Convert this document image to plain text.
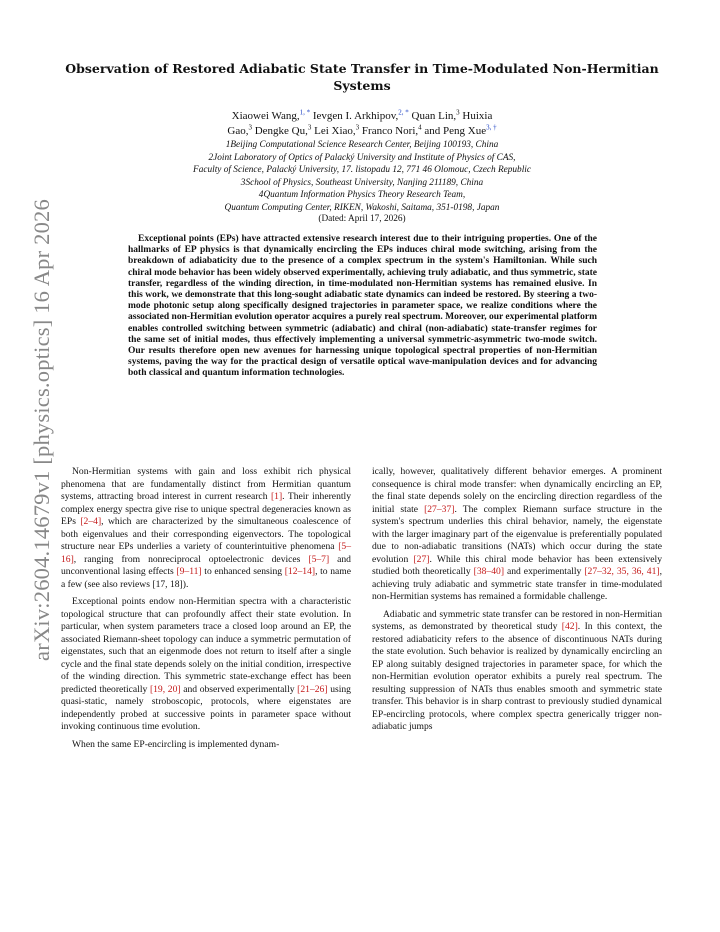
arXiv:2604.14679v1 [physics.optics] 16 Apr 2026
Observation of Restored Adiabatic State Transfer in Time-Modulated Non-Hermitian Systems
Xiaowei Wang,$^{1, *}$ Ievgen I. Arkhipov,$^{2, *}$ Quan Lin,$^3$ Huixia
Gao,$^3$ Dengke Qu,$^3$ Lei Xiao,$^3$ Franco Nori,$^4$ and Peng Xue$^{3, \dagger}$
1Beijing Computational Science Research Center, Beijing 100193, China
2Joint Laboratory of Optics of Palacký University and Institute of Physics of CAS,
Faculty of Science, Palacký University, 17. listopadu 12, 771 46 Olomouc, Czech Republic
3School of Physics, Southeast University, Nanjing 211189, China
4Quantum Information Physics Theory Research Team,
Quantum Computing Center, RIKEN, Wakoshi, Saitama, 351-0198, Japan
(Dated: April 17, 2026)
Exceptional points (EPs) have attracted extensive research interest due to their intriguing properties. One of the hallmarks of EP physics is that dynamically encircling the EPs induces chiral mode switching, arising from the breakdown of adiabaticity due to the presence of a complex spectrum in the system's Hamiltonian. While such chiral mode behavior has been widely observed experimentally, achieving truly adiabatic, and thus symmetric, state transfer, regardless of the winding direction, in time-modulated non-Hermitian systems has remained elusive. In this work, we demonstrate that this long-sought adiabatic state dynamics can indeed be restored. By steering a two-mode photonic setup along specifically designed trajectories in parameter space, we realize conditions where the associated non-Hermitian evolution operator acquires a purely real spectrum. Moreover, our experimental platform enables controlled switching between symmetric (adiabatic) and chiral (non-adiabatic) state-transfer regimes for the same set of initial modes, thus effectively implementing a universal symmetric-asymmetric two-mode switch. Our results therefore open new avenues for harnessing unique topological spectral properties of non-Hermitian systems, paving the way for the practical design of versatile optical wave-manipulation devices and for advancing both classical and quantum information technologies.

Non-Hermitian systems with gain and loss exhibit rich physical phenomena that are fundamentally distinct from Hermitian quantum systems, attracting broad interest in current research [1]. Their inherently complex energy spectra give rise to unique spectral degeneracies known as EPs [2–4], which are characterized by the simultaneous coalescence of both eigenvalues and their corresponding eigenvectors. The topological structure near EPs underlies a variety of counterintuitive phenomena [5–16], ranging from nonreciprocal optoelectronic devices [5–7] and unconventional lasing effects [9–11] to enhanced sensing [12–14], to name a few (see also reviews [17, 18]).

Exceptional points endow non-Hermitian spectra with a characteristic topological structure that can profoundly affect their state evolution. In particular, when system parameters trace a closed loop around an EP, the associated Riemann-sheet topology can induce a symmetric permutation of eigenstates, such that an eigenmode does not return to itself after a single cycle and the final state depends solely on the initial condition, irrespective of the winding direction. This symmetric state-exchange effect has been predicted theoretically [19, 20] and observed experimentally [21–26] using quasi-static, namely stroboscopic, protocols, where eigenstates are independently probed at successive points in parameter space without invoking continuous time evolution.

When the same EP-encircling is implemented dynam-

ically, however, qualitatively different behavior emerges. A prominent consequence is chiral mode transfer: when dynamically encircling an EP, the final state depends solely on the encircling direction regardless of the initial state [27–37]. The complex Riemann surface structure in the system's spectrum underlies this chiral behavior, namely, the eigenstate with the larger imaginary part of the eigenvalue is preferentially populated due to non-adiabatic transitions (NATs) which occur during the state evolution [27]. While this chiral mode behavior has been extensively studied both theoretically [38–40] and experimentally [27–32, 35, 36, 41], achieving truly adiabatic and symmetric state transfer in time-modulated non-Hermitian systems has remained a formidable challenge.

Adiabatic and symmetric state transfer can be restored in non-Hermitian systems, as demonstrated by theoretical study [42]. In this context, the restored adiabaticity refers to the absence of discontinuous NATs during the state evolution. Such behavior is realized by dynamically encircling an EP along suitably designed trajectories in parameter space, for which the non-Hermitian evolution operator exhibits a purely real spectrum. The resulting suppression of NATs thus enables smooth and symmetric state transfer. This behavior is in sharp contrast to previously studied dynamical EP-encircling protocols, where complex spectra generically trigger non-adiabatic jumps
